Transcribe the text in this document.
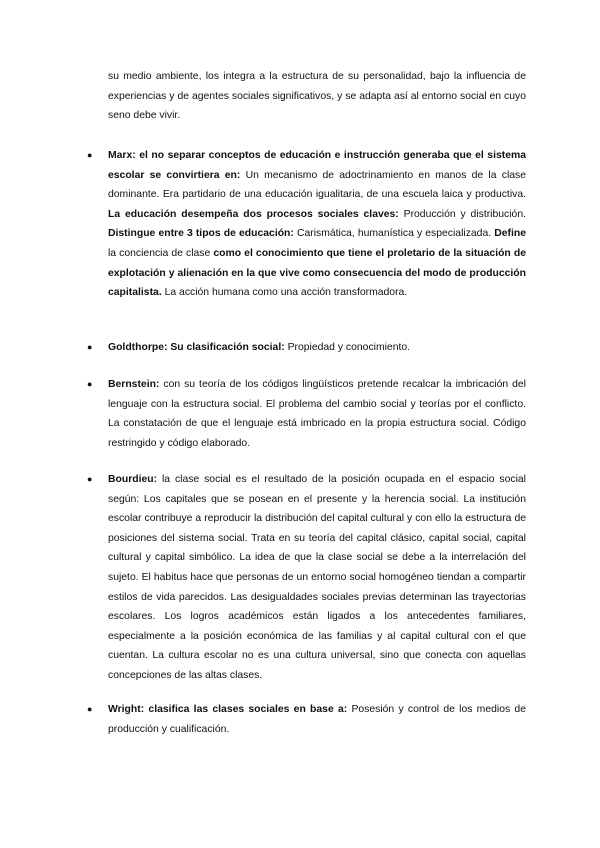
su medio ambiente, los integra a la estructura de su personalidad, bajo la influencia de experiencias y de agentes sociales significativos, y se adapta así al entorno social en cuyo seno debe vivir.

●	Marx: el no separar conceptos de educación e instrucción generaba que el sistema escolar se convirtiera en: Un mecanismo de adoctrinamiento en manos de la clase dominante. Era partidario de una educación igualitaria, de una escuela laica y productiva. La educación desempeña dos procesos sociales claves: Producción y distribución. Distingue entre 3 tipos de educación: Carismática, humanística y especializada. Define la conciencia de clase como el conocimiento que tiene el proletario de la situación de explotación y alienación en la que vive como consecuencia del modo de producción capitalista. La acción humana como una acción transformadora.
●	Goldthorpe: Su clasificación social: Propiedad y conocimiento.
●	Bernstein: con su teoría de los códigos lingüísticos pretende recalcar la imbricación del lenguaje con la estructura social. El problema del cambio social y teorías por el conflicto. La constatación de que el lenguaje está imbricado en la propia estructura social. Código restringido y código elaborado.
●	Bourdieu: la clase social es el resultado de la posición ocupada en el espacio social según: Los capitales que se posean en el presente y la herencia social. La institución escolar contribuye a reproducir la distribución del capital cultural y con ello la estructura de posiciones del sistema social. Trata en su teoría del capital clásico, capital social, capital cultural y capital simbólico. La idea de que la clase social se debe a la interrelación del sujeto. El habitus hace que personas de un entorno social homogéneo tiendan a compartir estilos de vida parecidos. Las desigualdades sociales previas determinan las trayectorias escolares. Los logros académicos están ligados a los antecedentes familiares, especialmente a la posición económica de las familias y al capital cultural con el que cuentan. La cultura escolar no es una cultura universal, sino que conecta con aquellas concepciones de las altas clases.
●	Wright: clasifica las clases sociales en base a: Posesión y control de los medios de producción y cualificación.
